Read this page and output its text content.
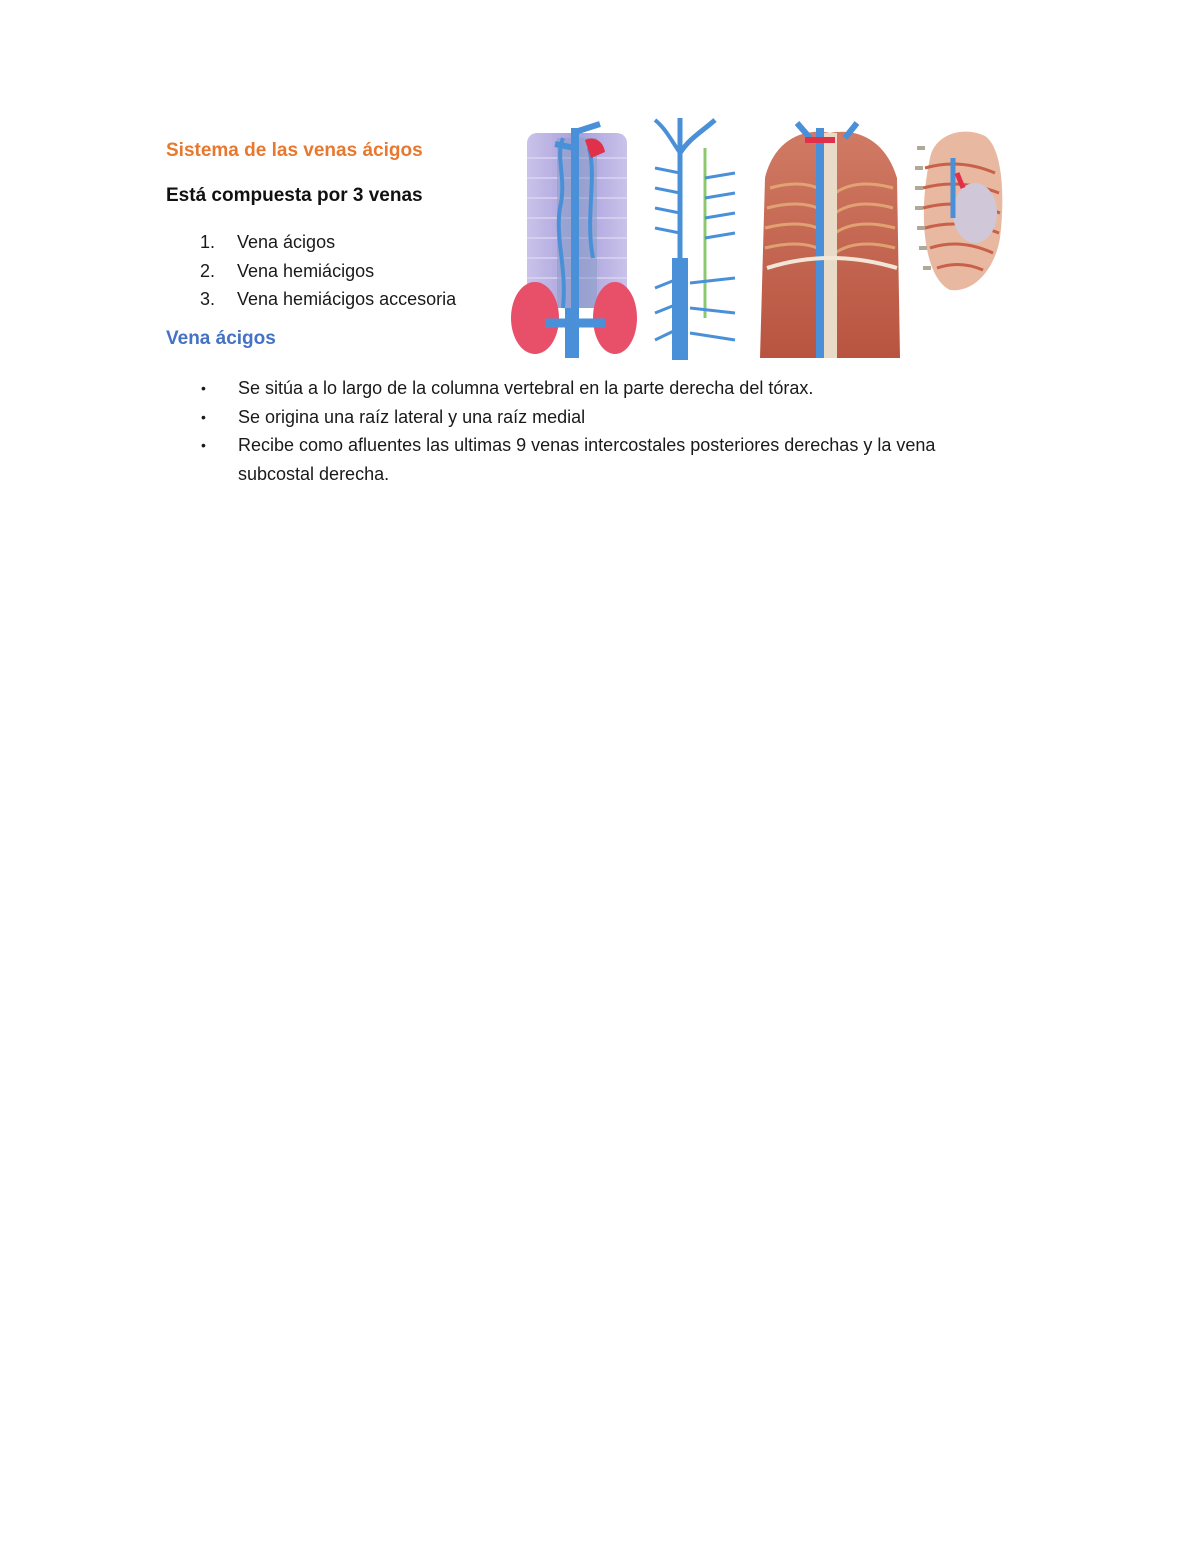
Sistema de las venas ácigos
Está compuesta por 3 venas
1.	Vena ácigos
2.	Vena hemiácigos
3.	Vena hemiácigos accesoria
Vena ácigos
•	Se sitúa a lo largo de la columna vertebral en la parte derecha del tórax.
•	Se origina una raíz lateral y una raíz medial
•	Recibe como afluentes las ultimas 9 venas intercostales posteriores derechas y la vena subcostal derecha.
